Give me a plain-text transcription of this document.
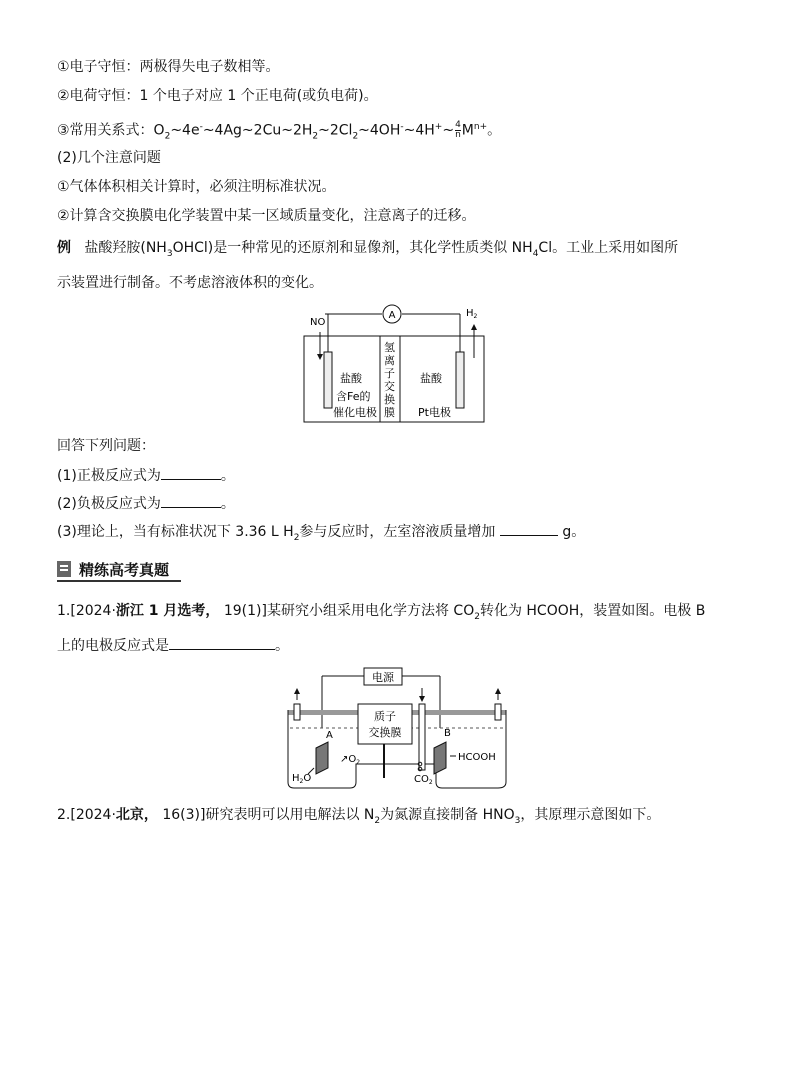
①电子守恒：两极得失电子数相等。
②电荷守恒：1 个电子对应 1 个正电荷(或负电荷)。
③常用关系式：$O_2\sim 4e^-\sim 4Ag\sim 2Cu\sim 2H_2\sim 2Cl_2\sim 4OH^-\sim 4H^+\sim \frac{4}{n} M^{n+}$。
(2)几个注意问题
①气体体积相关计算时，必须注明标准状况。
②计算含交换膜电化学装置中某一区域质量变化，注意离子的迁移。
例 盐酸羟胺$(NH_3OHCl)$是一种常见的还原剂和显像剂，其化学性质类似 $NH_4Cl$。工业上采用如图所
示装置进行制备。不考虑溶液体积的变化。
A
NO
$H_2$
氢
离
子
交
换
膜
盐酸
含Fe的
催化电极
盐酸
Pt电极
回答下列问题：
(1)正极反应式为	。
(2)负极反应式为	。
(3)理论上，当有标准状况下 3.36 L $H_2$参与反应时，左室溶液质量增加	g。
精练高考真题
1.[2024·浙江 1 月选考， 19(1)]某研究小组采用电化学方法将 $CO_2$转化为 HCOOH，装置如图。电极 B
上的电极反应式是	。
电源
质子
交换膜
A	B
$↗O_2$
$H_2O$	$CO_2$
HCOOH
2.[2024·北京， 16(3)]研究表明可以用电解法以 $N_2$为氮源直接制备 $HNO_3$，其原理示意图如下。
